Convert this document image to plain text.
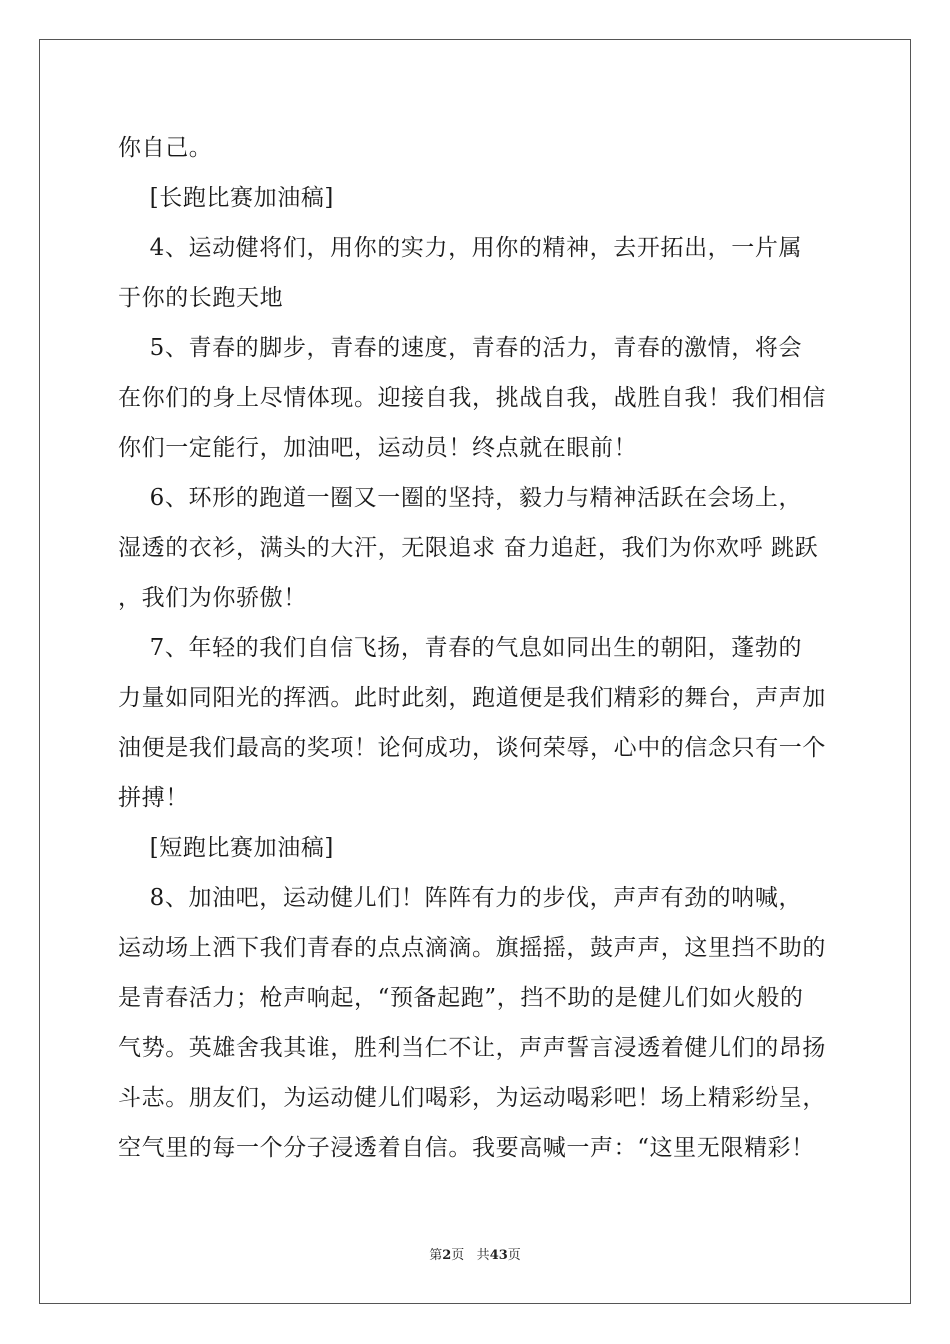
你自己。
[长跑比赛加油稿]
4、运动健将们，用你的实力，用你的精神，去开拓出，一片属
于你的长跑天地
5、青春的脚步，青春的速度，青春的活力，青春的激情，将会
在你们的身上尽情体现。迎接自我，挑战自我，战胜自我！我们相信
你们一定能行，加油吧，运动员！终点就在眼前！
6、环形的跑道一圈又一圈的坚持，毅力与精神活跃在会场上，
湿透的衣衫，满头的大汗，无限追求 奋力追赶，我们为你欢呼 跳跃
，我们为你骄傲！
7、年轻的我们自信飞扬，青春的气息如同出生的朝阳，蓬勃的
力量如同阳光的挥洒。此时此刻，跑道便是我们精彩的舞台，声声加
油便是我们最高的奖项！论何成功，谈何荣辱，心中的信念只有一个
拼搏！
[短跑比赛加油稿]
8、加油吧，运动健儿们！阵阵有力的步伐，声声有劲的呐喊，
运动场上洒下我们青春的点点滴滴。旗摇摇，鼓声声，这里挡不助的
是青春活力；枪声响起，“预备起跑”，挡不助的是健儿们如火般的
气势。英雄舍我其谁，胜利当仁不让，声声誓言浸透着健儿们的昂扬
斗志。朋友们，为运动健儿们喝彩，为运动喝彩吧！场上精彩纷呈，
空气里的每一个分子浸透着自信。我要高喊一声：“这里无限精彩！
第2页 共43页
